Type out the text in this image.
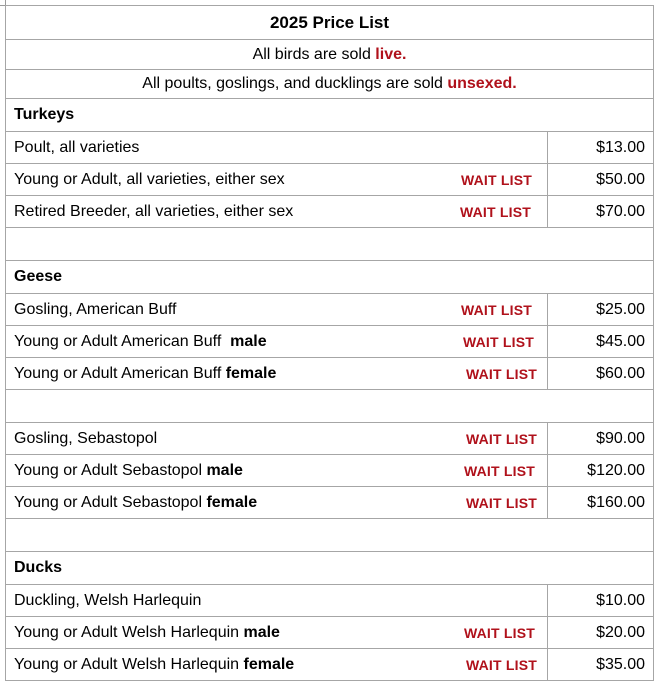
2025 Price List	
All birds are sold live.	
All poults, goslings, and ducklings are sold unsexed.	
Turkeys	
Poult, all varieties	$13.00
Young or Adult, all varieties, either sex WAIT LIST	$50.00
Retired Breeder, all varieties, either sex WAIT LIST	$70.00

Geese	
Gosling, American Buff WAIT LIST	$25.00
Young or Adult American Buff  male WAIT LIST	$45.00
Young or Adult American Buff female WAIT LIST	$60.00

Gosling, Sebastopol WAIT LIST	$90.00
Young or Adult Sebastopol male WAIT LIST	$120.00
Young or Adult Sebastopol female WAIT LIST	$160.00

Ducks	
Duckling, Welsh Harlequin	$10.00
Young or Adult Welsh Harlequin male WAIT LIST	$20.00
Young or Adult Welsh Harlequin female WAIT LIST	$35.00
